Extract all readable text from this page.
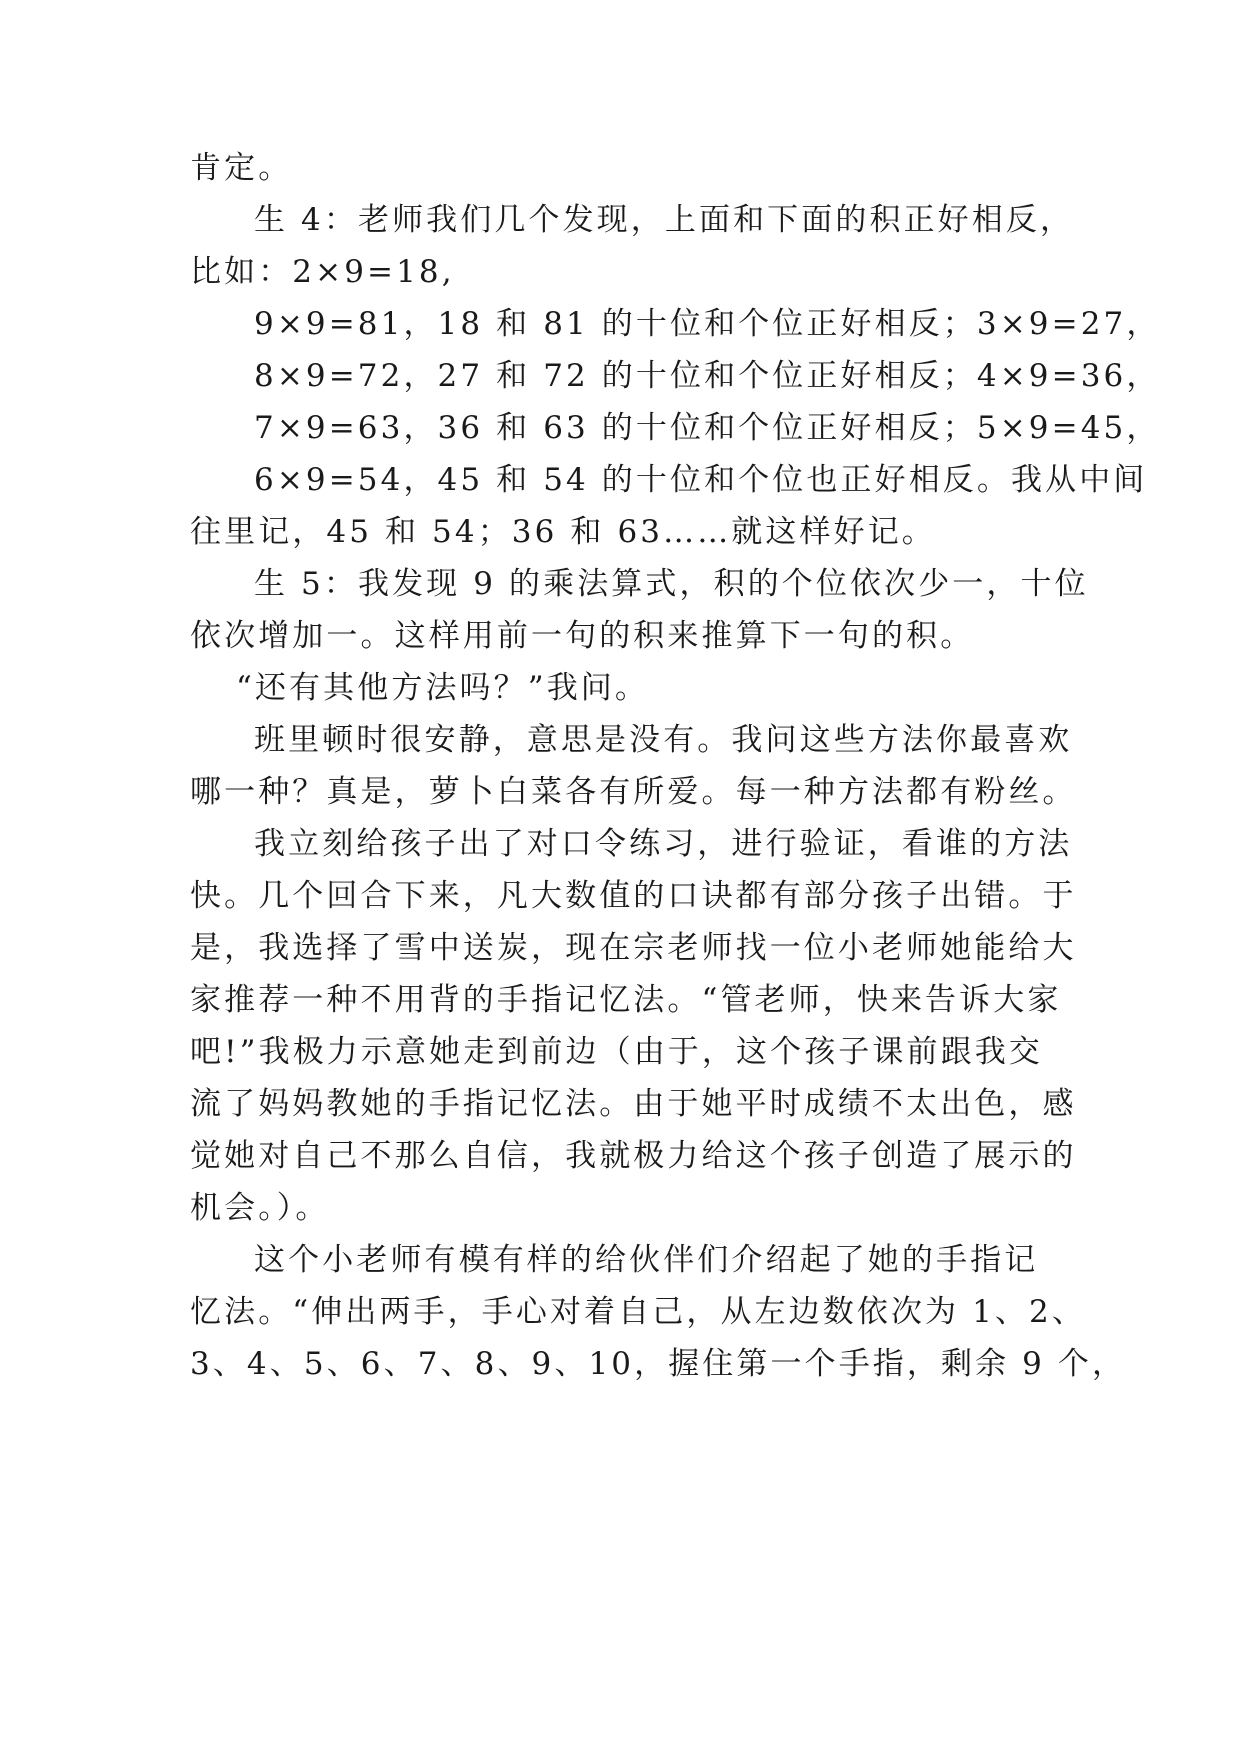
肯定。
生 4：老师我们几个发现，上面和下面的积正好相反，
比如：2×9=18,
9×9=81，18 和 81 的十位和个位正好相反；3×9=27，
8×9=72，27 和 72 的十位和个位正好相反；4×9=36，
7×9=63，36 和 63 的十位和个位正好相反；5×9=45，
6×9=54，45 和 54 的十位和个位也正好相反。我从中间
往里记，45 和 54；36 和 63……就这样好记。
生 5：我发现 9 的乘法算式，积的个位依次少一，十位
依次增加一。这样用前一句的积来推算下一句的积。
“还有其他方法吗？”我问。
班里顿时很安静，意思是没有。我问这些方法你最喜欢
哪一种？真是，萝卜白菜各有所爱。每一种方法都有粉丝。
我立刻给孩子出了对口令练习，进行验证，看谁的方法
快。几个回合下来，凡大数值的口诀都有部分孩子出错。于
是，我选择了雪中送炭，现在宗老师找一位小老师她能给大
家推荐一种不用背的手指记忆法。“管老师，快来告诉大家
吧!”我极力示意她走到前边（由于，这个孩子课前跟我交
流了妈妈教她的手指记忆法。由于她平时成绩不太出色，感
觉她对自己不那么自信，我就极力给这个孩子创造了展示的
机会。）。
这个小老师有模有样的给伙伴们介绍起了她的手指记
忆法。“伸出两手，手心对着自己，从左边数依次为 1、2、
3、4、5、6、7、8、9、10，握住第一个手指，剩余 9 个，
